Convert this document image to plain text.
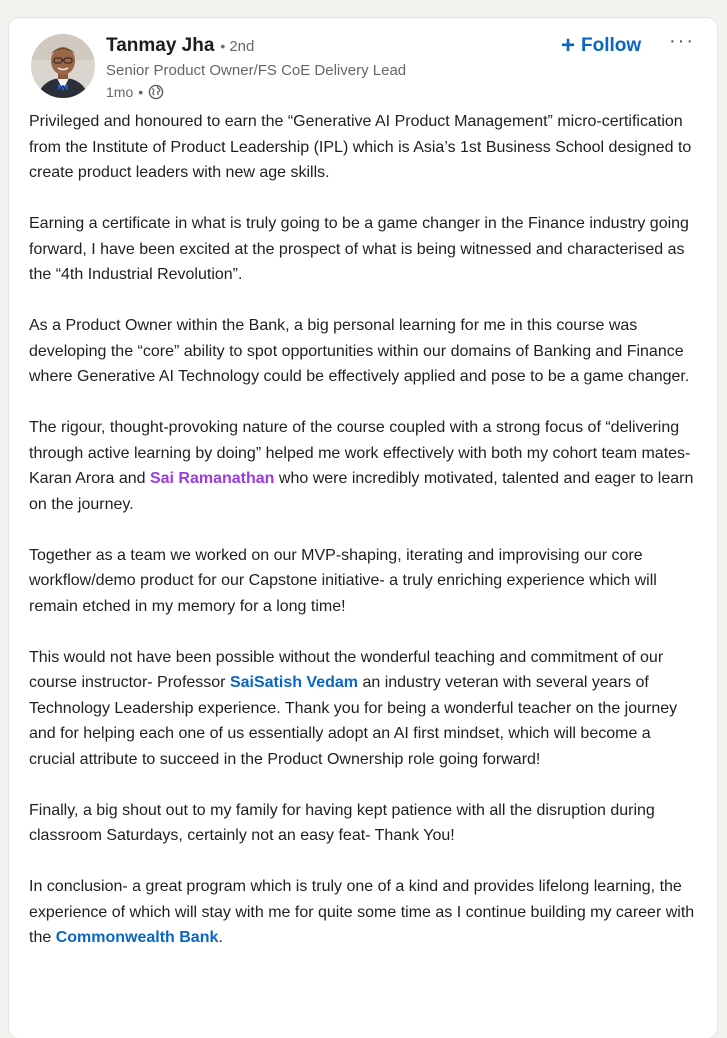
Tanmay Jha • 2nd
Senior Product Owner/FS CoE Delivery Lead
1mo •
+ Follow ···

Privileged and honoured to earn the “Generative AI Product Management” micro-certification from the Institute of Product Leadership (IPL) which is Asia’s 1st Business School designed to create product leaders with new age skills.

Earning a certificate in what is truly going to be a game changer in the Finance industry going forward, I have been excited at the prospect of what is being witnessed and characterised as the “4th Industrial Revolution”.

As a Product Owner within the Bank, a big personal learning for me in this course was developing the “core” ability to spot opportunities within our domains of Banking and Finance where Generative AI Technology could be effectively applied and pose to be a game changer.

The rigour, thought-provoking nature of the course coupled with a strong focus of “delivering through active learning by doing” helped me work effectively with both my cohort team mates-Karan Arora and Sai Ramanathan who were incredibly motivated, talented and eager to learn on the journey.

Together as a team we worked on our MVP-shaping, iterating and improvising our core workflow/demo product for our Capstone initiative- a truly enriching experience which will remain etched in my memory for a long time!

This would not have been possible without the wonderful teaching and commitment of our course instructor- Professor SaiSatish Vedam an industry veteran with several years of Technology Leadership experience. Thank you for being a wonderful teacher on the journey and for helping each one of us essentially adopt an AI first mindset, which will become a crucial attribute to succeed in the Product Ownership role going forward!

Finally, a big shout out to my family for having kept patience with all the disruption during classroom Saturdays, certainly not an easy feat- Thank You!

In conclusion- a great program which is truly one of a kind and provides lifelong learning, the experience of which will stay with me for quite some time as I continue building my career with the Commonwealth Bank.
